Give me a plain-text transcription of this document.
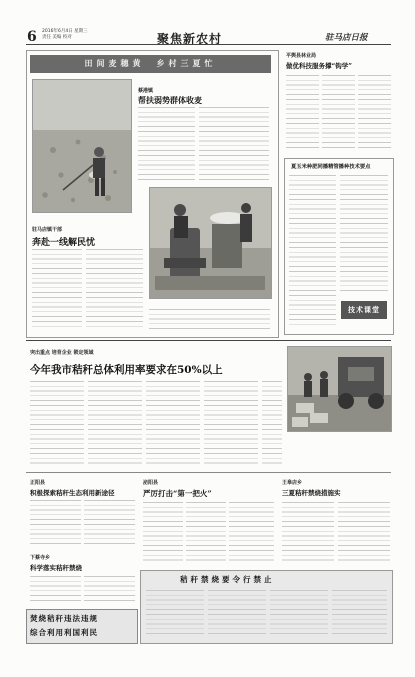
6 2016年6月4日 星期三
责任 美编 校对	聚焦新农村	驻马店日报
田间麦穗黄　乡村三夏忙
蔡港镇
帮扶弱势群体收麦
驻马店镇干部
奔赴一线解民忧
平舆县林业局
做优科技服务撑“钩学”
夏玉米种肥同播精管播种技术要点
技术课堂
突出重点 培育企业 锁定领域
今年我市秸秆总体利用率要求在50%以上
正阳县
积极探索秸秆生态利用新途径
泌阳县
严厉打击“第一把火”
王皋店乡
三夏秸秆禁烧措施实
下蔡寺乡
科学落实秸秆禁烧
秸秆禁烧要令行禁止
焚烧秸秆违法违规
综合利用利国利民
